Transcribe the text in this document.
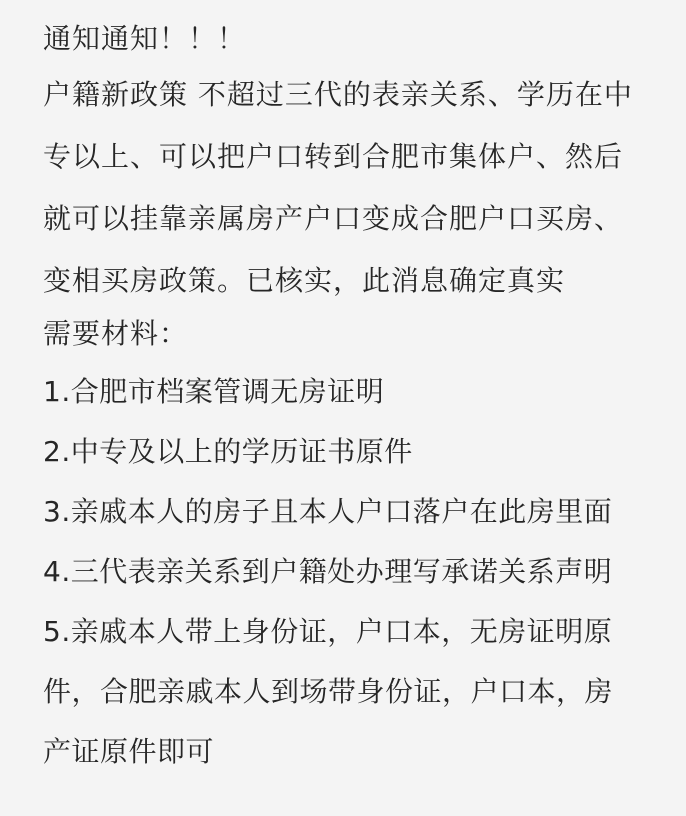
通知通知！！！
户籍新政策 不超过三代的表亲关系、学历在中
专以上、可以把户口转到合肥市集体户、然后
就可以挂靠亲属房产户口变成合肥户口买房、
变相买房政策。已核实，此消息确定真实
需要材料：
1.合肥市档案管调无房证明
2.中专及以上的学历证书原件
3.亲戚本人的房子且本人户口落户在此房里面
4.三代表亲关系到户籍处办理写承诺关系声明
5.亲戚本人带上身份证，户口本，无房证明原
件，合肥亲戚本人到场带身份证，户口本，房
产证原件即可
